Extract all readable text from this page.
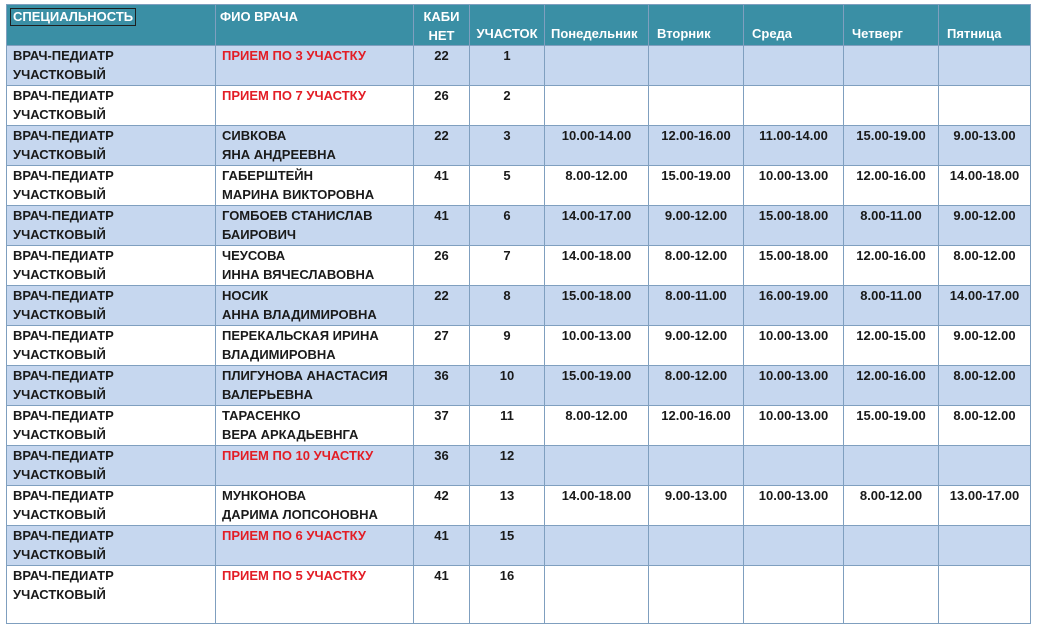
СПЕЦИАЛЬНОСТЬ	ФИО ВРАЧА	КАБИ
НЕТ	УЧАСТОК	Понедельник	Вторник	Среда	Четверг	Пятница

ВРАЧ-ПЕДИАТР
УЧАСТКОВЫЙ	ПРИЕМ ПО 3 УЧАСТКУ	22	1					

ВРАЧ-ПЕДИАТР
УЧАСТКОВЫЙ	ПРИЕМ ПО 7 УЧАСТКУ	26	2					

ВРАЧ-ПЕДИАТР
УЧАСТКОВЫЙ	СИВКОВА
ЯНА АНДРЕЕВНА	22	3	10.00-14.00	12.00-16.00	11.00-14.00	15.00-19.00	9.00-13.00

ВРАЧ-ПЕДИАТР
УЧАСТКОВЫЙ	ГАБЕРШТЕЙН
МАРИНА ВИКТОРОВНА	41	5	8.00-12.00	15.00-19.00	10.00-13.00	12.00-16.00	14.00-18.00

ВРАЧ-ПЕДИАТР
УЧАСТКОВЫЙ	ГОМБОЕВ СТАНИСЛАВ
БАИРОВИЧ	41	6	14.00-17.00	9.00-12.00	15.00-18.00	8.00-11.00	9.00-12.00

ВРАЧ-ПЕДИАТР
УЧАСТКОВЫЙ	ЧЕУСОВА
ИННА ВЯЧЕСЛАВОВНА	26	7	14.00-18.00	8.00-12.00	15.00-18.00	12.00-16.00	8.00-12.00

ВРАЧ-ПЕДИАТР
УЧАСТКОВЫЙ	НОСИК
АННА ВЛАДИМИРОВНА	22	8	15.00-18.00	8.00-11.00	16.00-19.00	8.00-11.00	14.00-17.00

ВРАЧ-ПЕДИАТР
УЧАСТКОВЫЙ	ПЕРЕКАЛЬСКАЯ ИРИНА
ВЛАДИМИРОВНА	27	9	10.00-13.00	9.00-12.00	10.00-13.00	12.00-15.00	9.00-12.00

ВРАЧ-ПЕДИАТР
УЧАСТКОВЫЙ	ПЛИГУНОВА АНАСТАСИЯ
ВАЛЕРЬЕВНА	36	10	15.00-19.00	8.00-12.00	10.00-13.00	12.00-16.00	8.00-12.00

ВРАЧ-ПЕДИАТР
УЧАСТКОВЫЙ	ТАРАСЕНКО
ВЕРА АРКАДЬЕВНГА	37	11	8.00-12.00	12.00-16.00	10.00-13.00	15.00-19.00	8.00-12.00

ВРАЧ-ПЕДИАТР
УЧАСТКОВЫЙ	ПРИЕМ ПО 10 УЧАСТКУ	36	12					

ВРАЧ-ПЕДИАТР
УЧАСТКОВЫЙ	МУНКОНОВА
ДАРИМА ЛОПСОНОВНА	42	13	14.00-18.00	9.00-13.00	10.00-13.00	8.00-12.00	13.00-17.00

ВРАЧ-ПЕДИАТР
УЧАСТКОВЫЙ	ПРИЕМ ПО 6 УЧАСТКУ	41	15					

ВРАЧ-ПЕДИАТР
УЧАСТКОВЫЙ	ПРИЕМ ПО 5 УЧАСТКУ	41	16					
